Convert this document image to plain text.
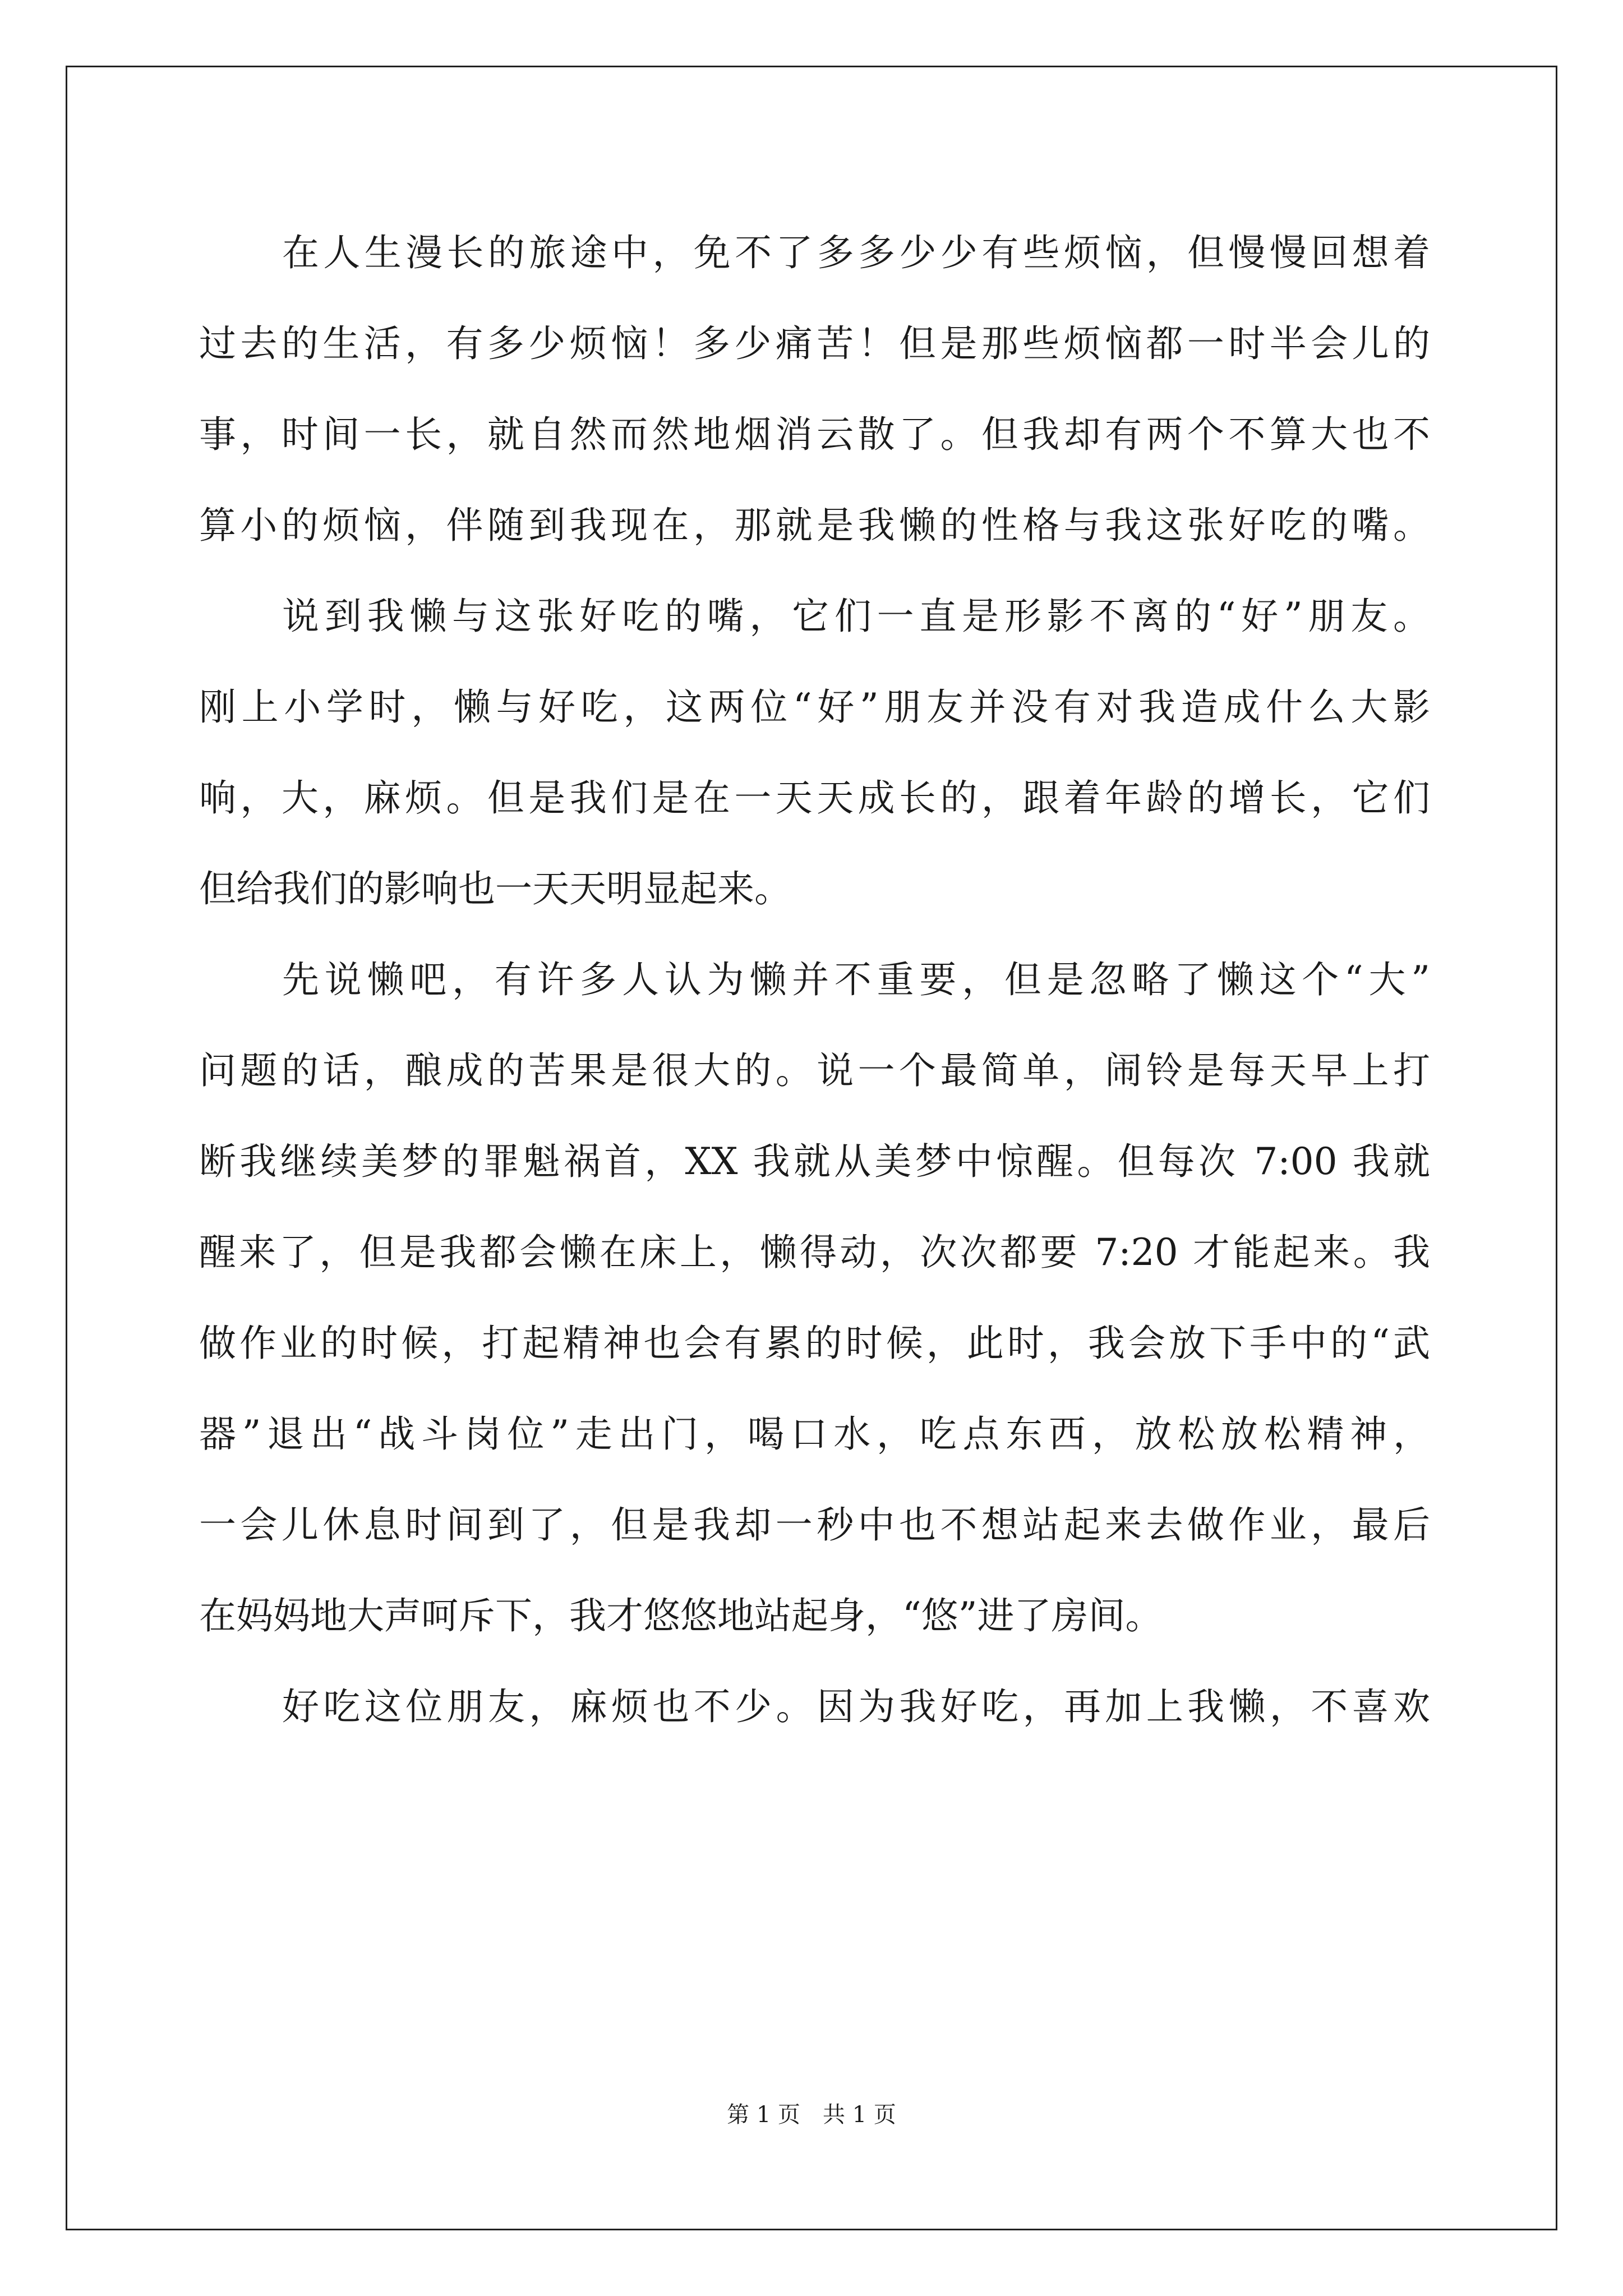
在人生漫长的旅途中，免不了多多少少有些烦恼，但慢慢回想着
过去的生活，有多少烦恼！多少痛苦！但是那些烦恼都一时半会儿的
事，时间一长，就自然而然地烟消云散了。但我却有两个不算大也不
算小的烦恼，伴随到我现在，那就是我懒的性格与我这张好吃的嘴。
说到我懒与这张好吃的嘴，它们一直是形影不离的“好”朋友。
刚上小学时，懒与好吃，这两位“好”朋友并没有对我造成什么大影
响，大，麻烦。但是我们是在一天天成长的，跟着年龄的增长，它们
但给我们的影响也一天天明显起来。
先说懒吧，有许多人认为懒并不重要，但是忽略了懒这个“大”
问题的话，酿成的苦果是很大的。说一个最简单，闹铃是每天早上打
断我继续美梦的罪魁祸首，XX 我就从美梦中惊醒。但每次 7:00 我就
醒来了，但是我都会懒在床上，懒得动，次次都要 7:20 才能起来。我
做作业的时候，打起精神也会有累的时候，此时，我会放下手中的“武
器”退出“战斗岗位”走出门，喝口水，吃点东西，放松放松精神，
一会儿休息时间到了，但是我却一秒中也不想站起来去做作业，最后
在妈妈地大声呵斥下，我才悠悠地站起身，“悠”进了房间。
好吃这位朋友，麻烦也不少。因为我好吃，再加上我懒，不喜欢
第 1 页 共 1 页
